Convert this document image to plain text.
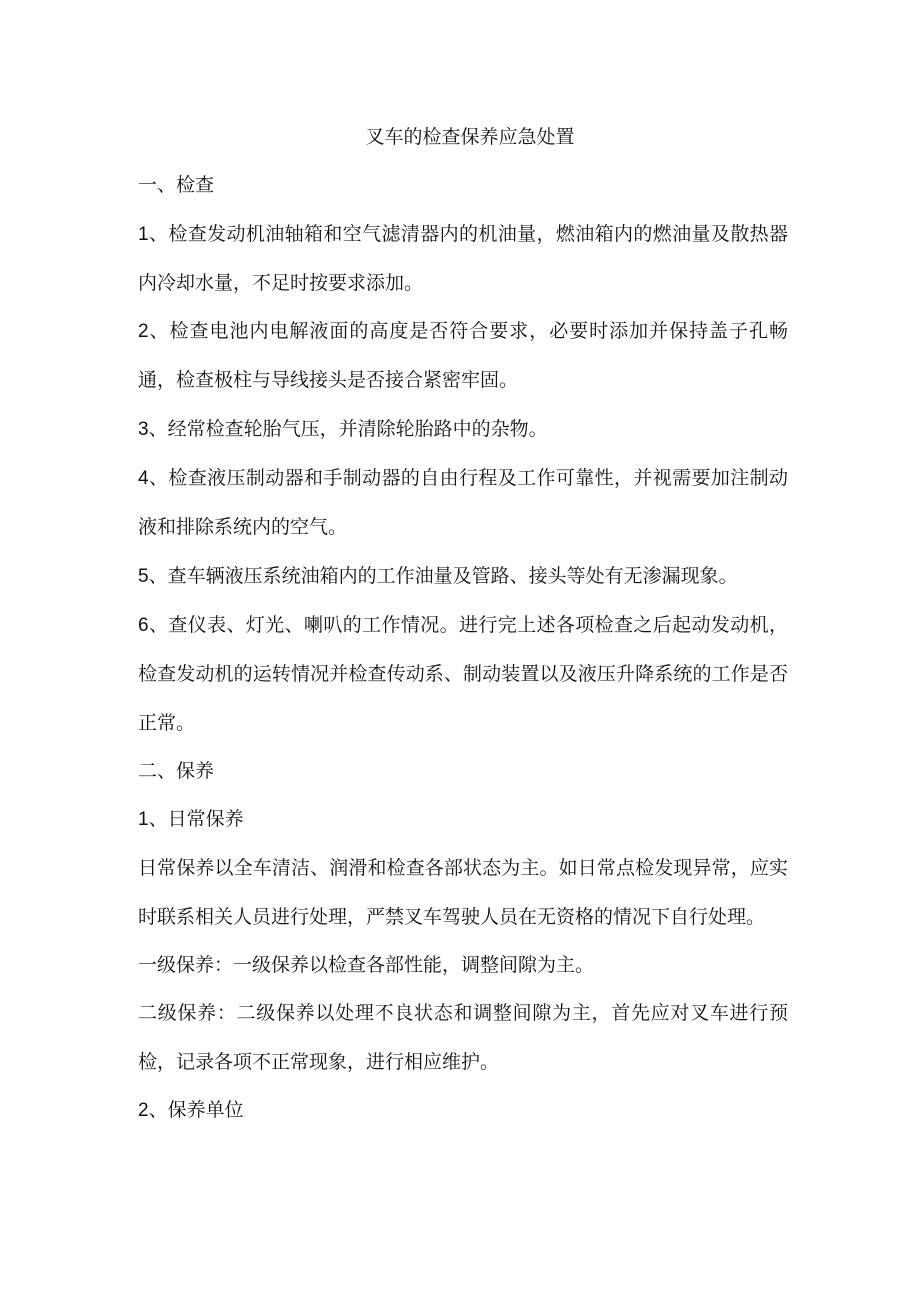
叉车的检查保养应急处置

一、检查

1、检查发动机油轴箱和空气滤清器内的机油量，燃油箱内的燃油量及散热器内冷却水量，不足时按要求添加。

2、检查电池内电解液面的高度是否符合要求，必要时添加并保持盖子孔畅通，检查极柱与导线接头是否接合紧密牢固。

3、经常检查轮胎气压，并清除轮胎路中的杂物。

4、检查液压制动器和手制动器的自由行程及工作可靠性，并视需要加注制动液和排除系统内的空气。

5、查车辆液压系统油箱内的工作油量及管路、接头等处有无渗漏现象。

6、查仪表、灯光、喇叭的工作情况。进行完上述各项检查之后起动发动机，检查发动机的运转情况并检查传动系、制动装置以及液压升降系统的工作是否正常。

二、保养

1、日常保养

日常保养以全车清洁、润滑和检查各部状态为主。如日常点检发现异常，应实时联系相关人员进行处理，严禁叉车驾驶人员在无资格的情况下自行处理。

一级保养：一级保养以检查各部性能，调整间隙为主。

二级保养：二级保养以处理不良状态和调整间隙为主，首先应对叉车进行预检，记录各项不正常现象，进行相应维护。

2、保养单位
